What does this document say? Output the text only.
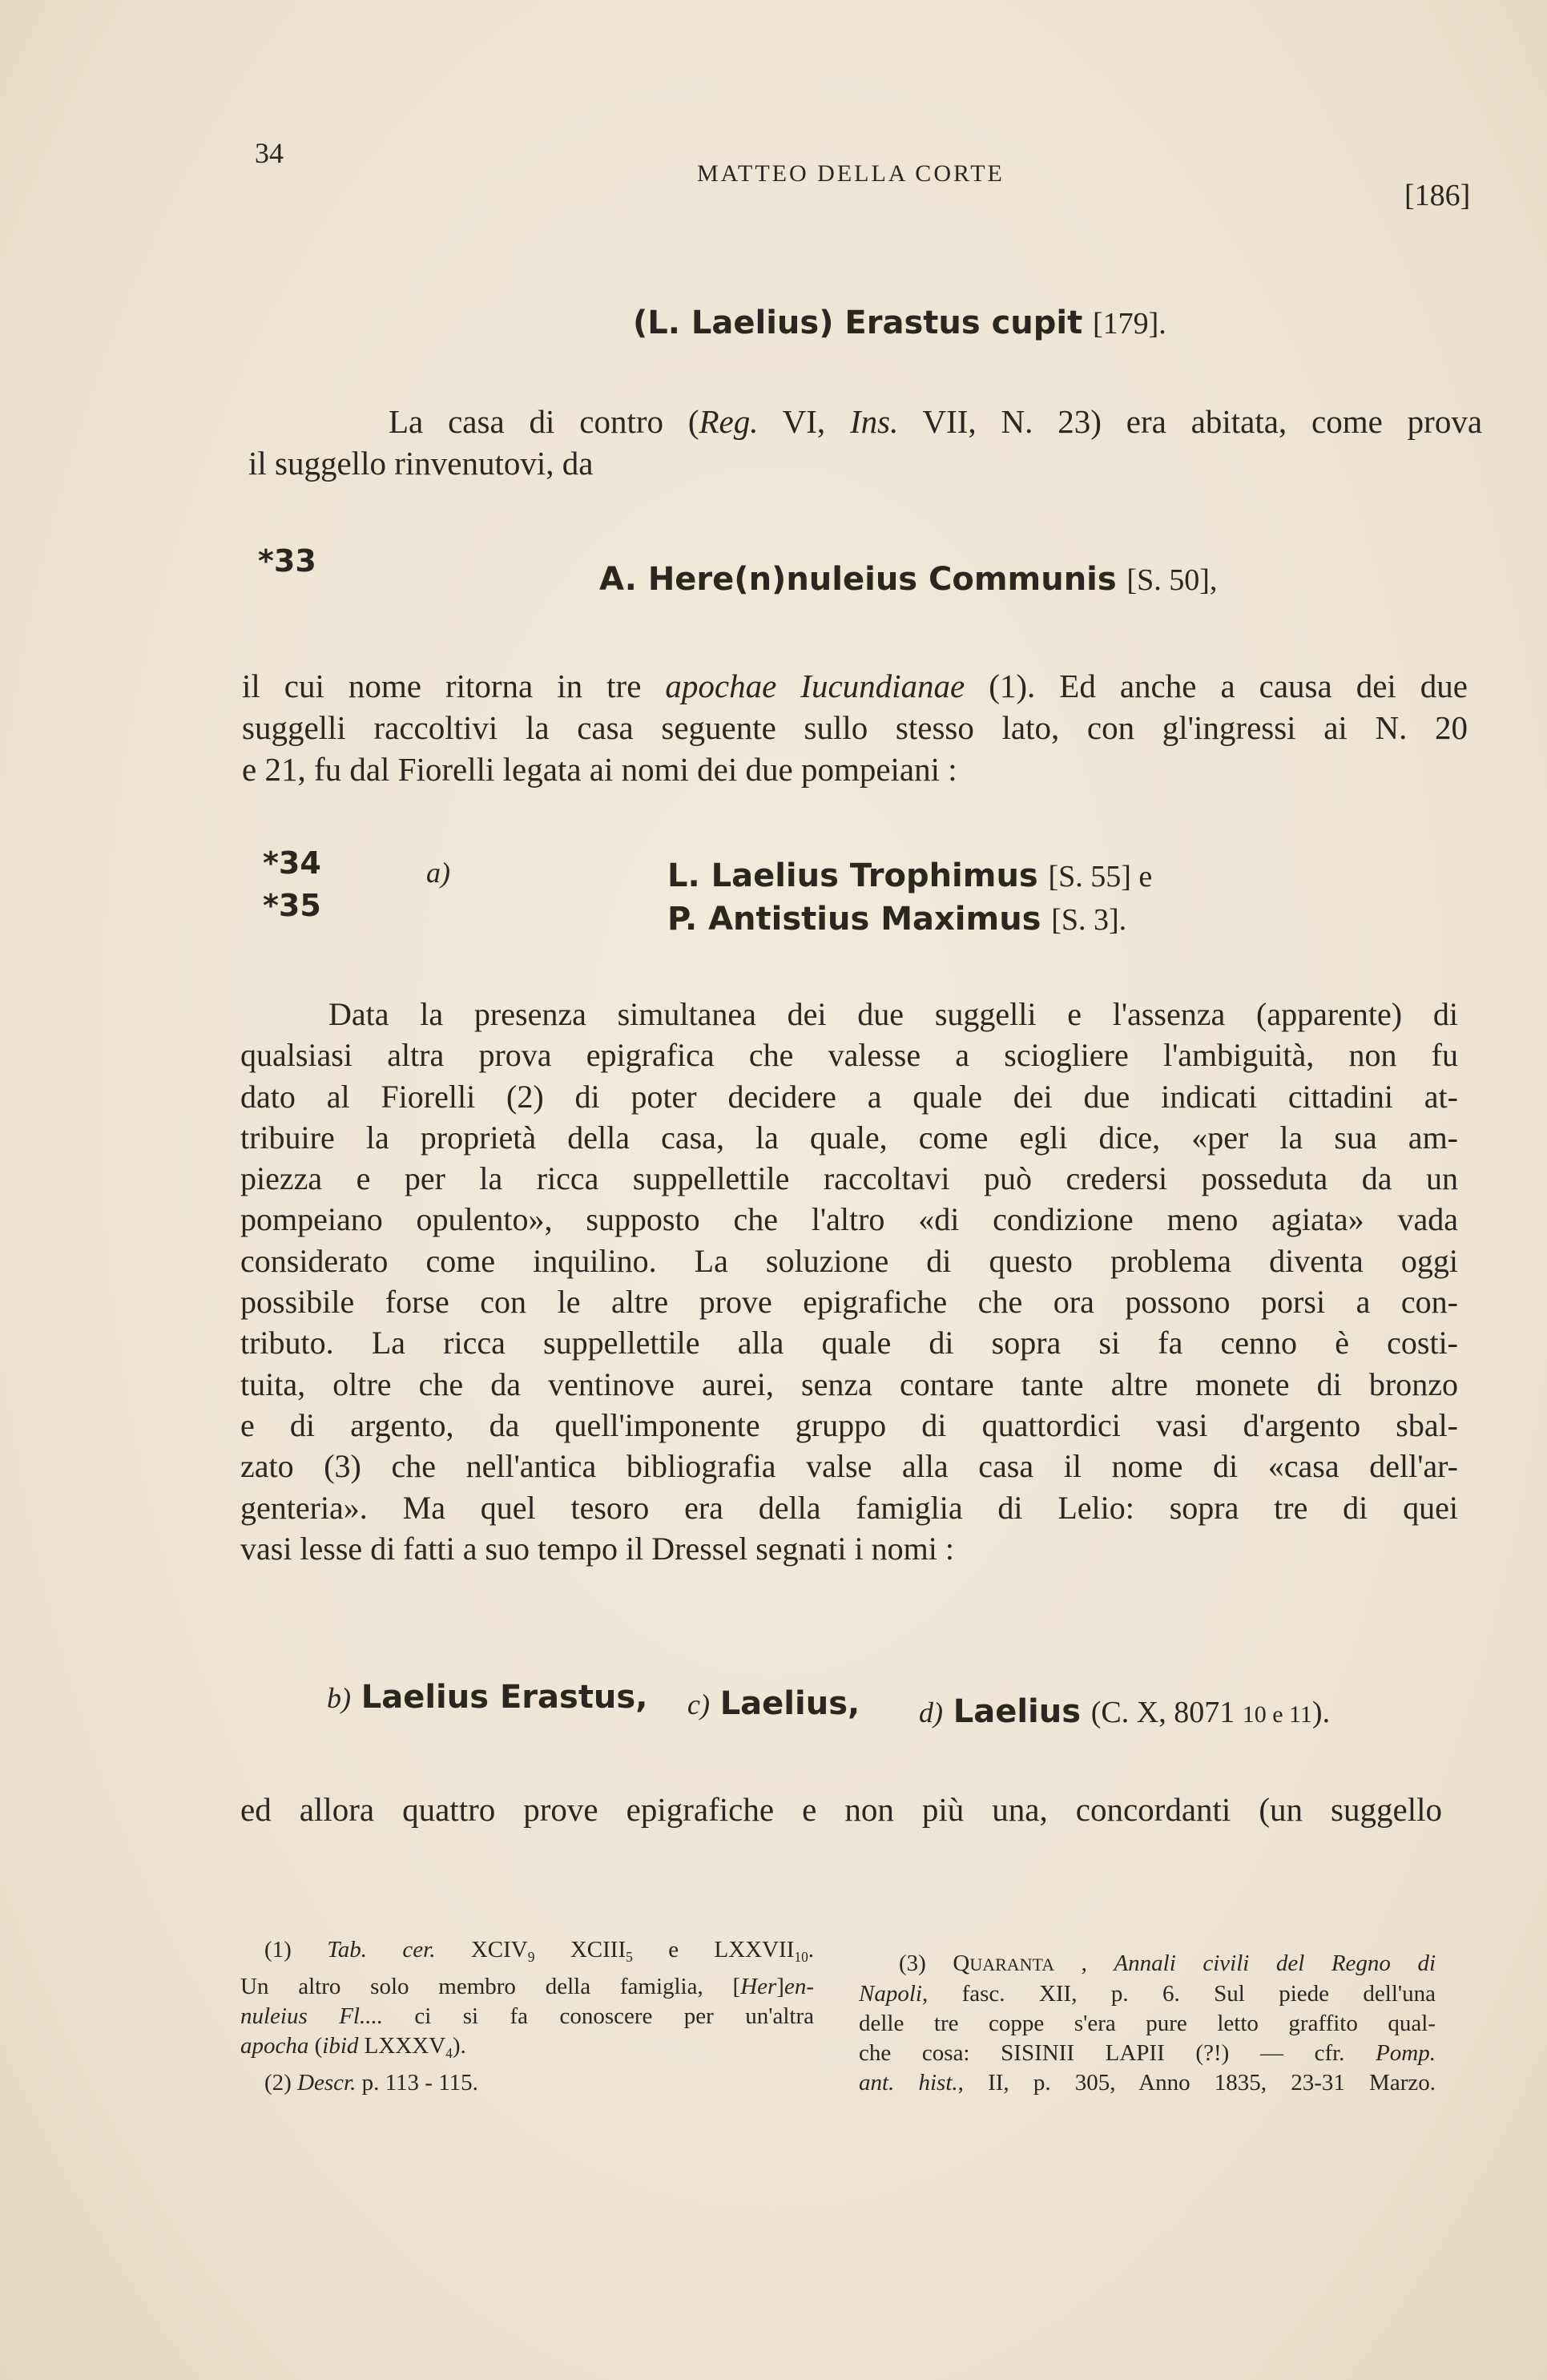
34
MATTEO DELLA CORTE
[186]
(L. Laelius) Erastus cupit [179].
La casa di contro (Reg. VI, Ins. VII, N. 23) era abitata, come prova
il suggello rinvenutovi, da
*33	A. Here(n)nuleius Communis [S. 50],
il cui nome ritorna in tre apochae Iucundianae (1). Ed anche a causa dei due
suggelli raccoltivi la casa seguente sullo stesso lato, con gl'ingressi ai N. 20
e 21, fu dal Fiorelli legata ai nomi dei due pompeiani :
*34
*35
a)	L. Laelius Trophimus [S. 55] e
P. Antistius Maximus [S. 3].
Data la presenza simultanea dei due suggelli e l'assenza (apparente) di
qualsiasi altra prova epigrafica che valesse a sciogliere l'ambiguità, non fu
dato al Fiorelli (2) di poter decidere a quale dei due indicati cittadini at-
tribuire la proprietà della casa, la quale, come egli dice, «per la sua am-
piezza e per la ricca suppellettile raccoltavi può credersi posseduta da un
pompeiano opulento», supposto che l'altro «di condizione meno agiata» vada
considerato come inquilino. La soluzione di questo problema diventa oggi
possibile forse con le altre prove epigrafiche che ora possono porsi a con-
tributo. La ricca suppellettile alla quale di sopra si fa cenno è costi-
tuita, oltre che da ventinove aurei, senza contare tante altre monete di bronzo
e di argento, da quell'imponente gruppo di quattordici vasi d'argento sbal-
zato (3) che nell'antica bibliografia valse alla casa il nome di «casa dell'ar-
genteria». Ma quel tesoro era della famiglia di Lelio: sopra tre di quei
vasi lesse di fatti a suo tempo il Dressel segnati i nomi :
b) Laelius Erastus, c) Laelius, d) Laelius (C. X, 8071 10 e 11).
ed allora quattro prove epigrafiche e non più una, concordanti (un suggello
(1) Tab. cer. $XCIV_9$ $XCIII_5$ e $LXXVII_{10}$.
Un altro solo membro della famiglia, [Her]en-
nuleius Fl.... ci si fa conoscere per un'altra
apocha (ibid $LXXXV_4$).
(2) Descr. p. 113 - 115.
(3) QUARANTA , Annali civili del Regno di
Napoli, fasc. XII, p. 6. Sul piede dell'una
delle tre coppe s'era pure letto graffito qual-
che cosa: SISINII LAPII (?!) — cfr. Pomp.
ant. hist., II, p. 305, Anno 1835, 23-31 Marzo.
